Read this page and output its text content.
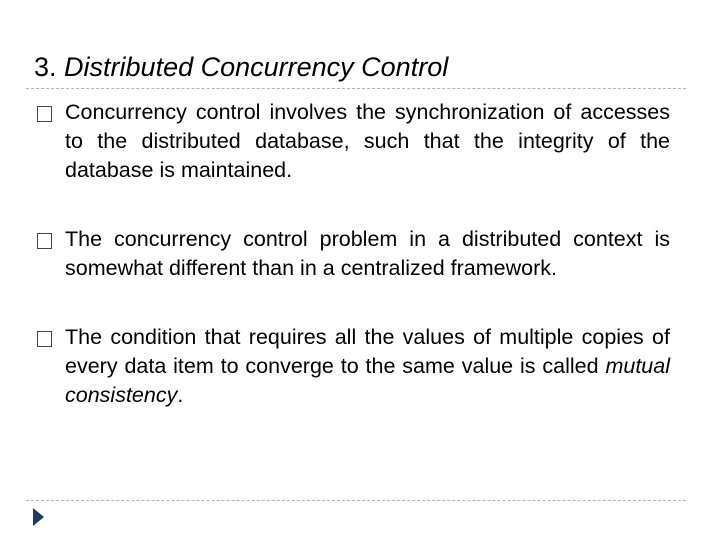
3. Distributed Concurrency Control
Concurrency control involves the synchronization of accesses to the distributed database, such that the integrity of the database is maintained.
The concurrency control problem in a distributed context is somewhat different than in a centralized framework.
The condition that requires all the values of multiple copies of every data item to converge to the same value is called mutual consistency.
